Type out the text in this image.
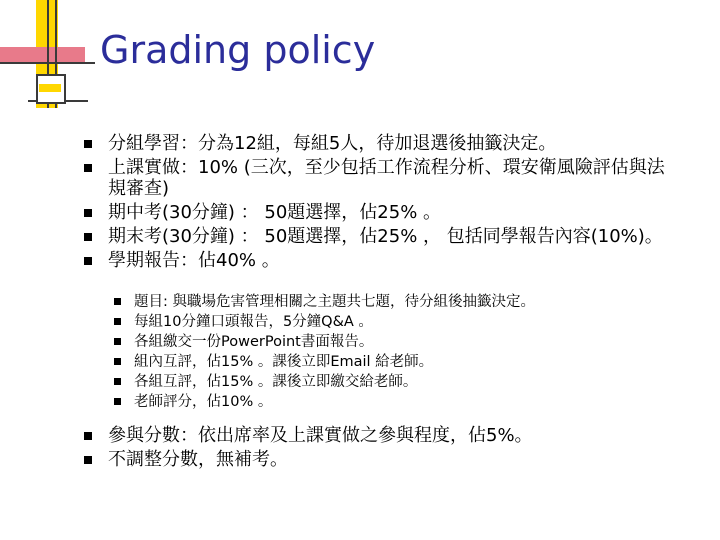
Grading policy
分組學習：分為12組，每組5人，待加退選後抽籤決定。
上課實做：10% (三次，至少包括工作流程分析、環安衛風險評估與法規審查)
期中考(30分鐘) ： 50題選擇，佔25% 。
期末考(30分鐘) ： 50題選擇，佔25% ， 包括同學報告內容(10%)。
學期報告：佔40% 。
題目: 與職場危害管理相關之主題共七題，待分組後抽籤決定。
每組10分鐘口頭報告，5分鐘Q&A 。
各組繳交一份PowerPoint書面報告。
組內互評，佔15% 。課後立即Email 給老師。
各組互評，佔15% 。課後立即繳交給老師。
老師評分，佔10% 。
參與分數：依出席率及上課實做之參與程度，佔5%。
不調整分數，無補考。
